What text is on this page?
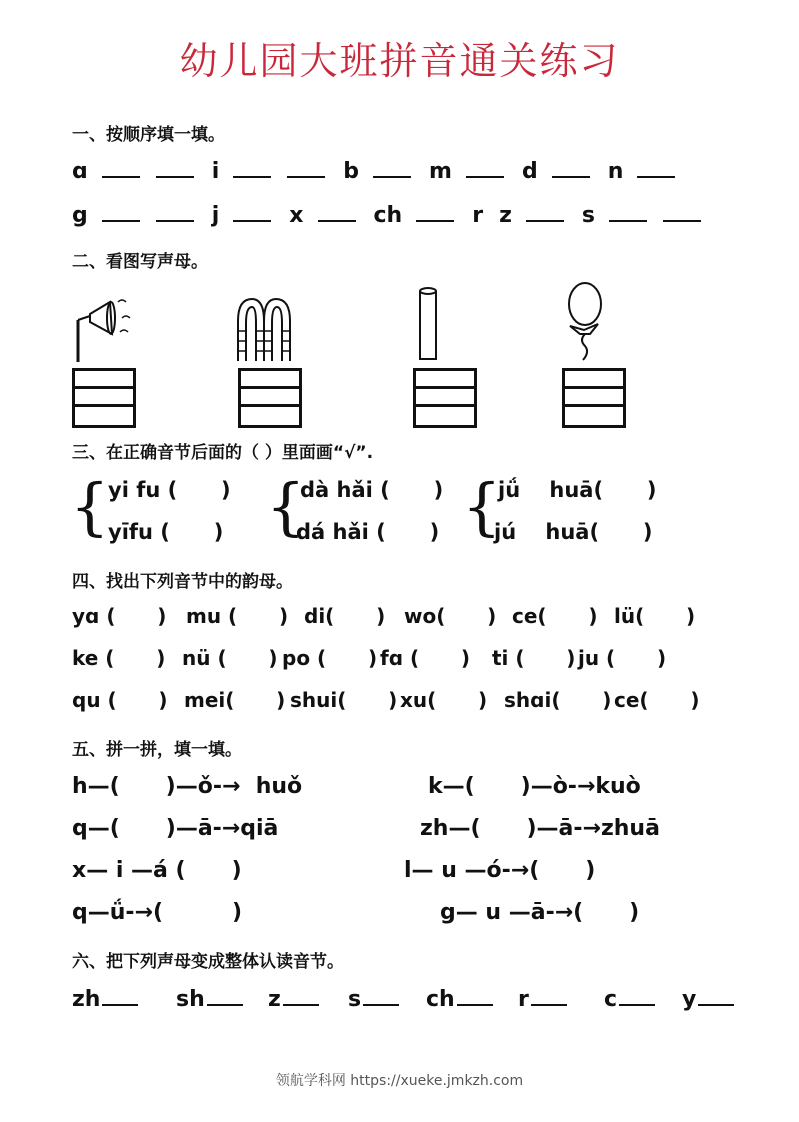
幼儿园大班拼音通关练习
一、按顺序填一填。
ɑ	i	b	m	d	n
g	j	x	ch	r z	s
二、看图写声母。
三、在正确音节后面的（ ）里面画“√”.
{
yi fu (      )
yīfu (      ) {
dà hǎi (      )
dá hǎi (      ) {
jǘ    huā(      )
jú    huā(      )
四、找出下列音节中的韵母。
yɑ (      ) mu (      ) di(      ) wo(      ) ce(      ) lü(      )
ke (      ) nü (      ) po (      ) fɑ (      ) ti (      ) ju (      )
qu (      ) mei(      ) shui(      ) xu(      ) shɑi(      ) ce(      )
五、拼一拼，填一填。
h—(      )—ǒ-→  huǒ	k—(      )—ò-→kuò
q—(      )—ā-→qiā	zh—(      )—ā-→zhuā
x— i —á (      )	l— u —ó-→(      )
q—ǘ-→(         )	g— u —ā-→(      )
六、把下列声母变成整体认读音节。
zh	sh	z	s	ch	r	c	y
领航学科网 https://xueke.jmkzh.com
